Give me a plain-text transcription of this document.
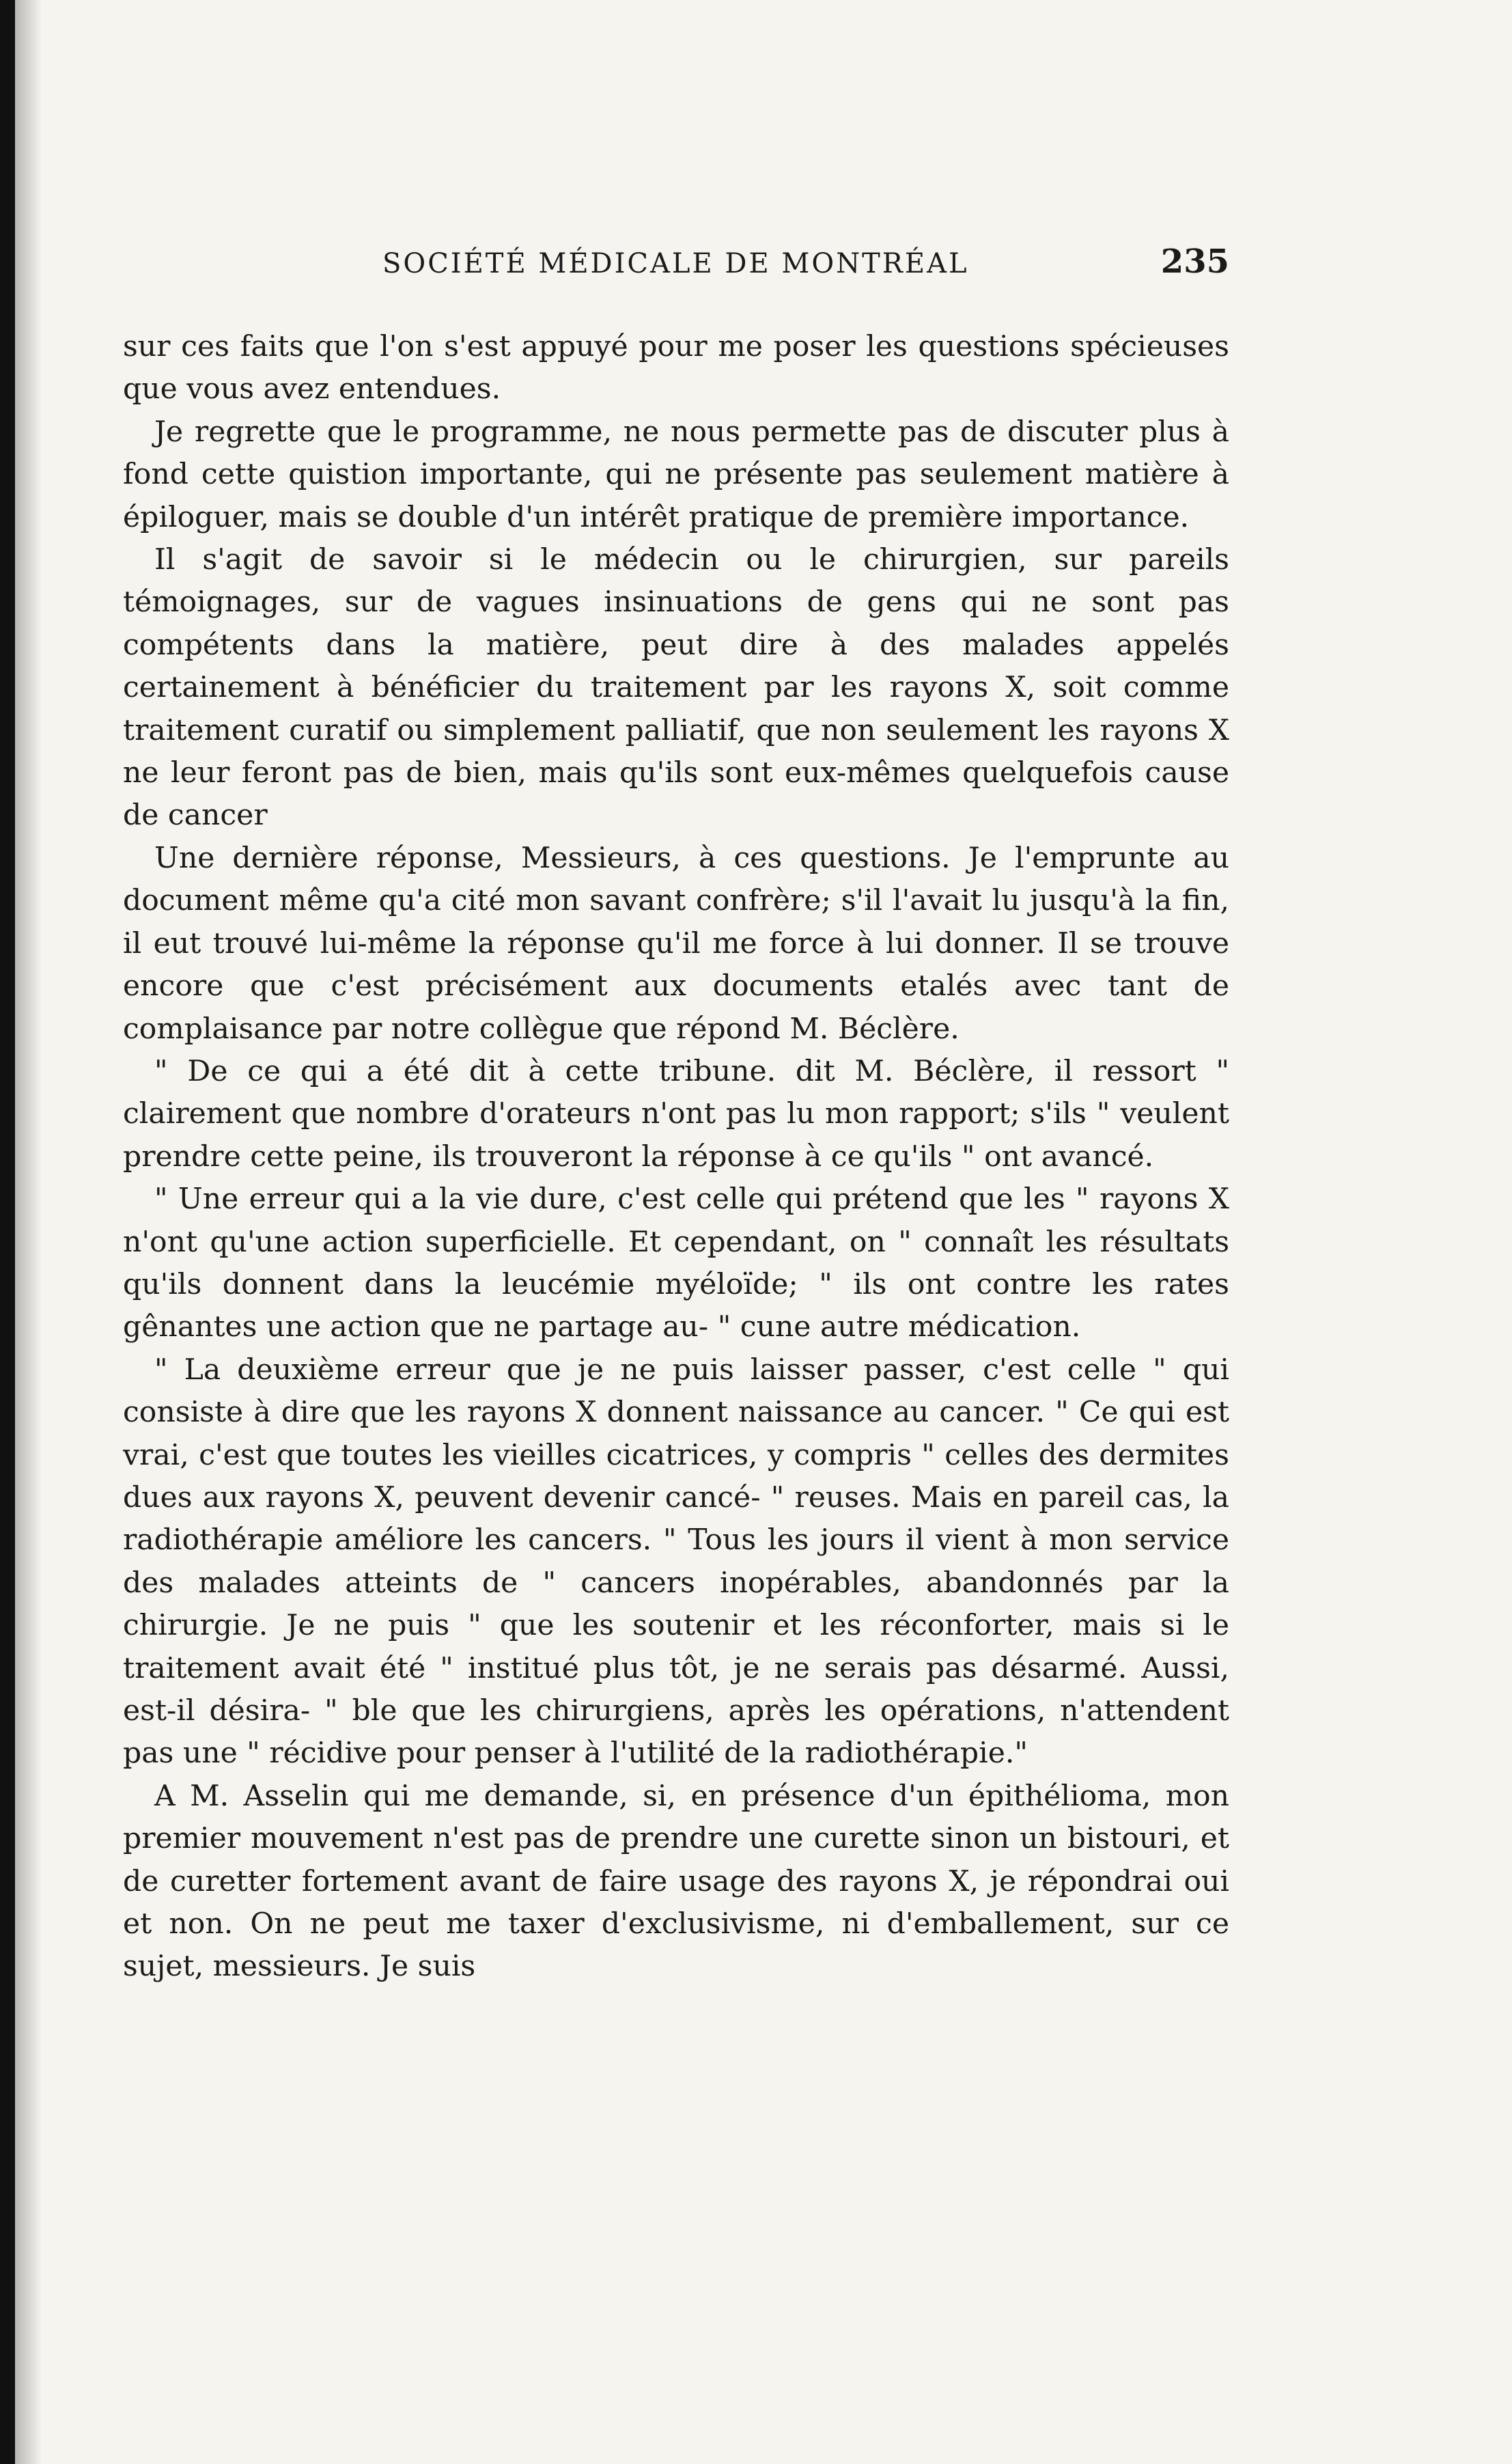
SOCIÉTÉ MÉDICALE DE MONTRÉAL	235

sur ces faits que l'on s'est appuyé pour me poser les questions spécieuses que vous avez entendues.

Je regrette que le programme, ne nous permette pas de discuter plus à fond cette quistion importante, qui ne présente pas seulement matière à épiloguer, mais se double d'un intérêt pratique de première importance.

Il s'agit de savoir si le médecin ou le chirurgien, sur pareils témoignages, sur de vagues insinuations de gens qui ne sont pas compétents dans la matière, peut dire à des malades appelés certainement à bénéficier du traitement par les rayons X, soit comme traitement curatif ou simplement palliatif, que non seulement les rayons X ne leur feront pas de bien, mais qu'ils sont eux-mêmes quelquefois cause de cancer

Une dernière réponse, Messieurs, à ces questions. Je l'emprunte au document même qu'a cité mon savant confrère; s'il l'avait lu jusqu'à la fin, il eut trouvé lui-même la réponse qu'il me force à lui donner. Il se trouve encore que c'est précisément aux documents etalés avec tant de complaisance par notre collègue que répond M. Béclère.

" De ce qui a été dit à cette tribune. dit M. Béclère, il ressort " clairement que nombre d'orateurs n'ont pas lu mon rapport; s'ils " veulent prendre cette peine, ils trouveront la réponse à ce qu'ils " ont avancé.

" Une erreur qui a la vie dure, c'est celle qui prétend que les " rayons X n'ont qu'une action superficielle. Et cependant, on " connaît les résultats qu'ils donnent dans la leucémie myéloïde; " ils ont contre les rates gênantes une action que ne partage au- " cune autre médication.

" La deuxième erreur que je ne puis laisser passer, c'est celle " qui consiste à dire que les rayons X donnent naissance au cancer. " Ce qui est vrai, c'est que toutes les vieilles cicatrices, y compris " celles des dermites dues aux rayons X, peuvent devenir cancé- " reuses. Mais en pareil cas, la radiothérapie améliore les cancers. " Tous les jours il vient à mon service des malades atteints de " cancers inopérables, abandonnés par la chirurgie. Je ne puis " que les soutenir et les réconforter, mais si le traitement avait été " institué plus tôt, je ne serais pas désarmé. Aussi, est-il désira- " ble que les chirurgiens, après les opérations, n'attendent pas une " récidive pour penser à l'utilité de la radiothérapie."

A M. Asselin qui me demande, si, en présence d'un épithélioma, mon premier mouvement n'est pas de prendre une curette sinon un bistouri, et de curetter fortement avant de faire usage des rayons X, je répondrai oui et non. On ne peut me taxer d'exclusivisme, ni d'emballement, sur ce sujet, messieurs. Je suis
